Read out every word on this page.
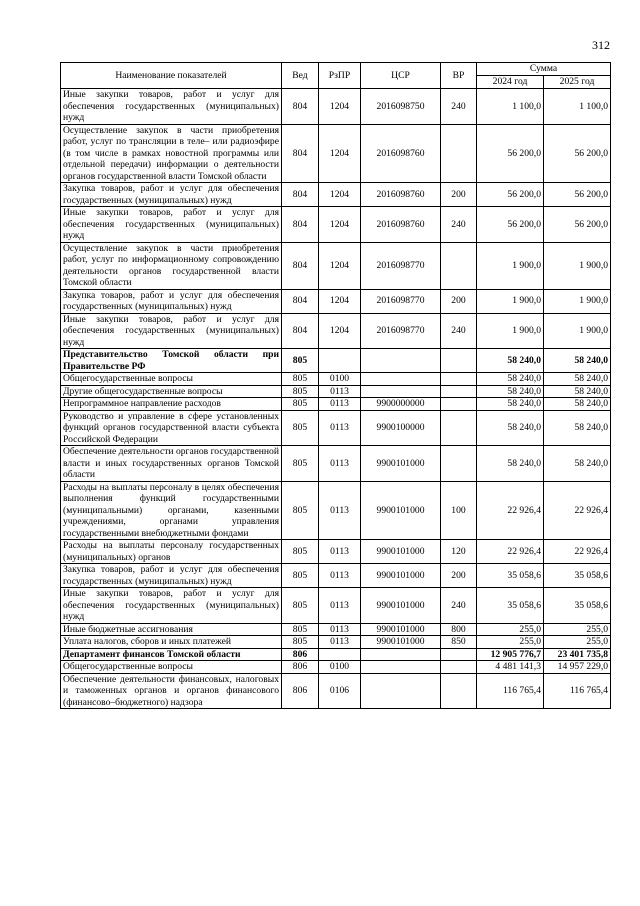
312
Наименование показателей	Вед	РзПР	ЦСР	ВР	Сумма	
					2024 год	2025 год
Иные закупки товаров, работ и услуг для обеспечения государственных (муниципальных) нужд	804	1204	2016098750	240	1 100,0	1 100,0
Осуществление закупок в части приобретения работ, услуг по трансляции в теле– или радиоэфире (в том числе в рамках новостной программы или отдельной передачи) информации о деятельности органов государственной власти Томской области	804	1204	2016098760		56 200,0	56 200,0
Закупка товаров, работ и услуг для обеспечения государственных (муниципальных) нужд	804	1204	2016098760	200	56 200,0	56 200,0
Иные закупки товаров, работ и услуг для обеспечения государственных (муниципальных) нужд	804	1204	2016098760	240	56 200,0	56 200,0
Осуществление закупок в части приобретения работ, услуг по информационному сопровождению деятельности органов государственной власти Томской области	804	1204	2016098770		1 900,0	1 900,0
Закупка товаров, работ и услуг для обеспечения государственных (муниципальных) нужд	804	1204	2016098770	200	1 900,0	1 900,0
Иные закупки товаров, работ и услуг для обеспечения государственных (муниципальных) нужд	804	1204	2016098770	240	1 900,0	1 900,0
Представительство Томской области при Правительстве РФ	805				58 240,0	58 240,0
Общегосударственные вопросы	805	0100			58 240,0	58 240,0
Другие общегосударственные вопросы	805	0113			58 240,0	58 240,0
Непрограммное направление расходов	805	0113	9900000000		58 240,0	58 240,0
Руководство и управление в сфере установленных функций органов государственной власти субъекта Российской Федерации	805	0113	9900100000		58 240,0	58 240,0
Обеспечение деятельности органов государственной власти и иных государственных органов Томской области	805	0113	9900101000		58 240,0	58 240,0
Расходы на выплаты персоналу в целях обеспечения выполнения функций государственными (муниципальными) органами, казенными учреждениями, органами управления государственными внебюджетными фондами	805	0113	9900101000	100	22 926,4	22 926,4
Расходы на выплаты персоналу государственных (муниципальных) органов	805	0113	9900101000	120	22 926,4	22 926,4
Закупка товаров, работ и услуг для обеспечения государственных (муниципальных) нужд	805	0113	9900101000	200	35 058,6	35 058,6
Иные закупки товаров, работ и услуг для обеспечения государственных (муниципальных) нужд	805	0113	9900101000	240	35 058,6	35 058,6
Иные бюджетные ассигнования	805	0113	9900101000	800	255,0	255,0
Уплата налогов, сборов и иных платежей	805	0113	9900101000	850	255,0	255,0
Департамент финансов Томской области	806				12 905 776,7	23 401 735,8
Общегосударственные вопросы	806	0100			4 481 141,3	14 957 229,0
Обеспечение деятельности финансовых, налоговых и таможенных органов и органов финансового (финансово–бюджетного) надзора	806	0106			116 765,4	116 765,4
